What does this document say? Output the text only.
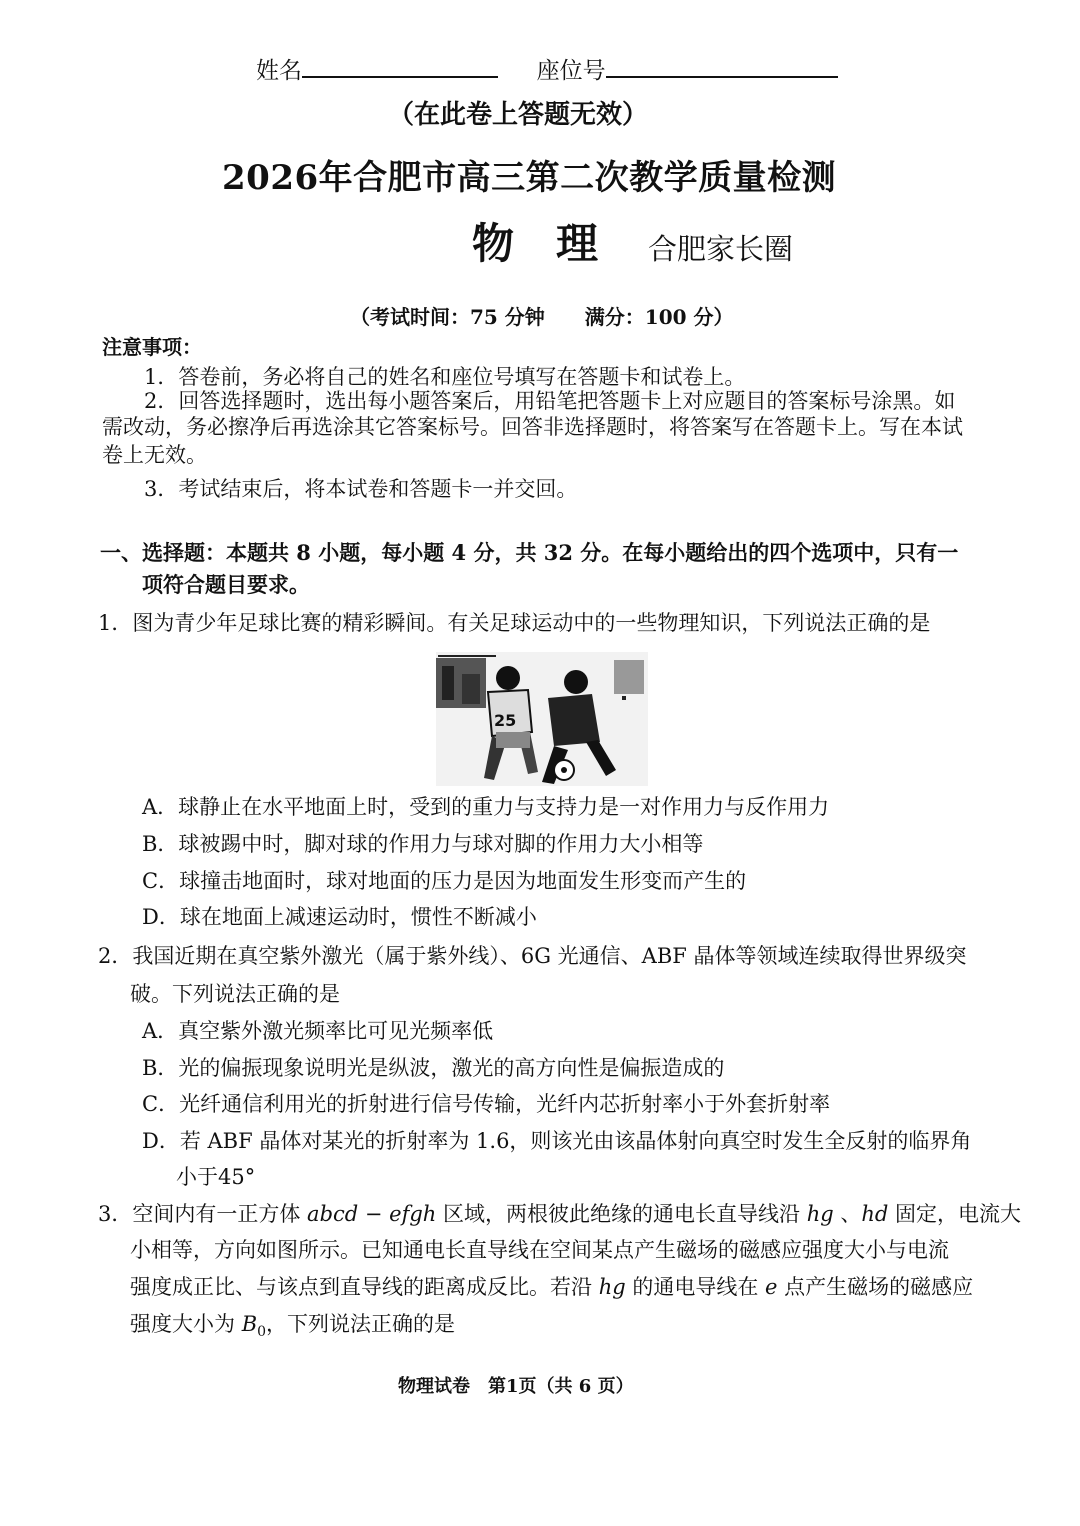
姓名	座位号
（在此卷上答题无效）
2026年合肥市高三第二次教学质量检测
物　理 合肥家长圈
（考试时间：75 分钟　　满分：100 分）
注意事项：
1．答卷前，务必将自己的姓名和座位号填写在答题卡和试卷上。
2．回答选择题时，选出每小题答案后，用铅笔把答题卡上对应题目的答案标号涂黑。如
需改动，务必擦净后再选涂其它答案标号。回答非选择题时，将答案写在答题卡上。写在本试
卷上无效。
3．考试结束后，将本试卷和答题卡一并交回。
一、选择题：本题共 8 小题，每小题 4 分，共 32 分。在每小题给出的四个选项中，只有一
项符合题目要求。
1．图为青少年足球比赛的精彩瞬间。有关足球运动中的一些物理知识，下列说法正确的是
25
A．球静止在水平地面上时，受到的重力与支持力是一对作用力与反作用力
B．球被踢中时，脚对球的作用力与球对脚的作用力大小相等
C．球撞击地面时，球对地面的压力是因为地面发生形变而产生的
D．球在地面上减速运动时，惯性不断减小
2．我国近期在真空紫外激光（属于紫外线）、6G 光通信、ABF 晶体等领域连续取得世界级突
破。下列说法正确的是
A．真空紫外激光频率比可见光频率低
B．光的偏振现象说明光是纵波，激光的高方向性是偏振造成的
C．光纤通信利用光的折射进行信号传输，光纤内芯折射率小于外套折射率
D．若 ABF 晶体对某光的折射率为 1.6，则该光由该晶体射向真空时发生全反射的临界角
小于45°
3．空间内有一正方体 abcd − efgh 区域，两根彼此绝缘的通电长直导线沿 hg 、hd 固定，电流大
小相等，方向如图所示。已知通电长直导线在空间某点产生磁场的磁感应强度大小与电流
强度成正比、与该点到直导线的距离成反比。若沿 hg 的通电导线在 e 点产生磁场的磁感应
强度大小为 $B_0$，下列说法正确的是
物理试卷　第1页（共 6 页）
